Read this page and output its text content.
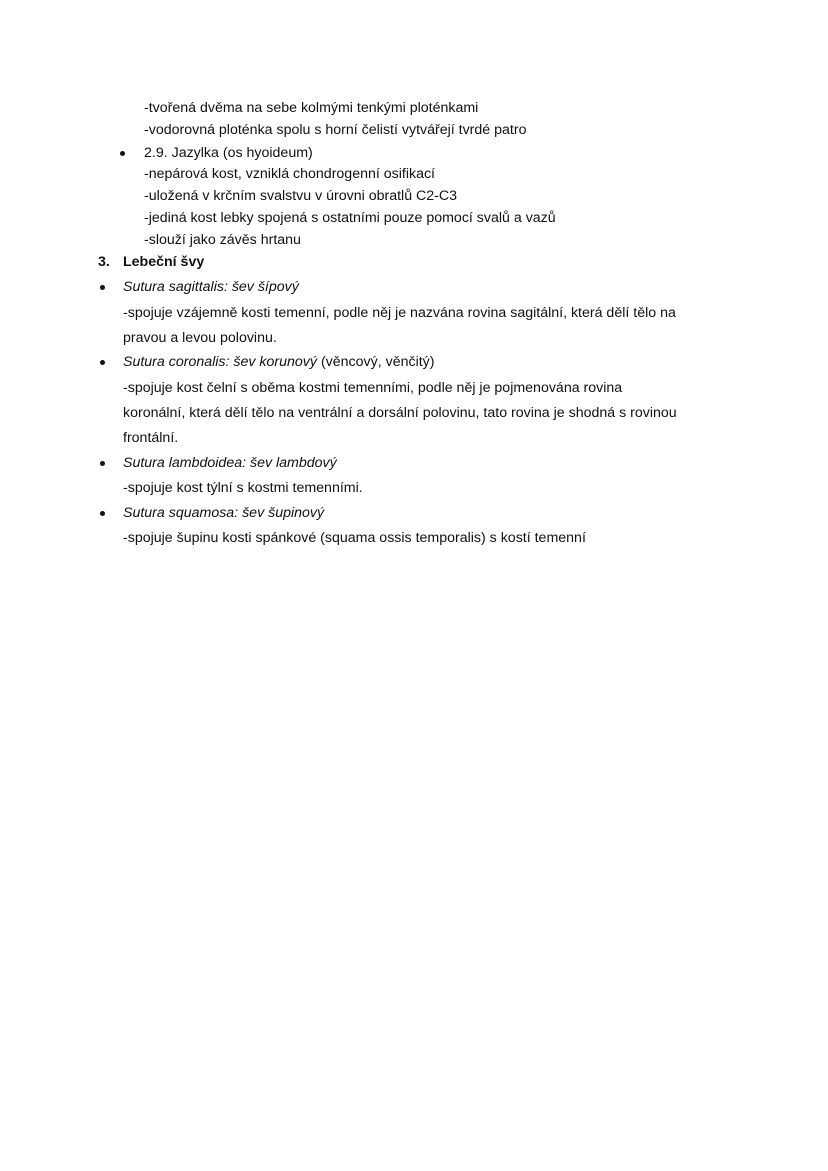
-tvořená dvěma na sebe kolmými tenkými ploténkami
-vodorovná ploténka spolu s horní čelistí vytvářejí tvrdé patro
2.9. Jazylka (os hyoideum)
-nepárová kost, vzniklá chondrogenní osifikací
-uložená v krčním svalstvu v úrovni obratlů C2-C3
-jediná kost lebky spojená s ostatními pouze pomocí svalů a vazů
-slouží jako závěs hrtanu
3. Lebeční švy
Sutura sagittalis: šev šípový
-spojuje vzájemně kosti temenní, podle něj je nazvána rovina sagitální, která dělí tělo na
pravou a levou polovinu.
Sutura coronalis: šev korunový (věncový, věnčitý)
-spojuje kost čelní s oběma kostmi temenními, podle něj je pojmenována rovina
koronální, která dělí tělo na ventrální a dorsální polovinu, tato rovina je shodná s rovinou
frontální.
Sutura lambdoidea: šev lambdový
-spojuje kost týlní s kostmi temenními.
Sutura squamosa: šev šupinový
-spojuje šupinu kosti spánkové (squama ossis temporalis) s kostí temenní
